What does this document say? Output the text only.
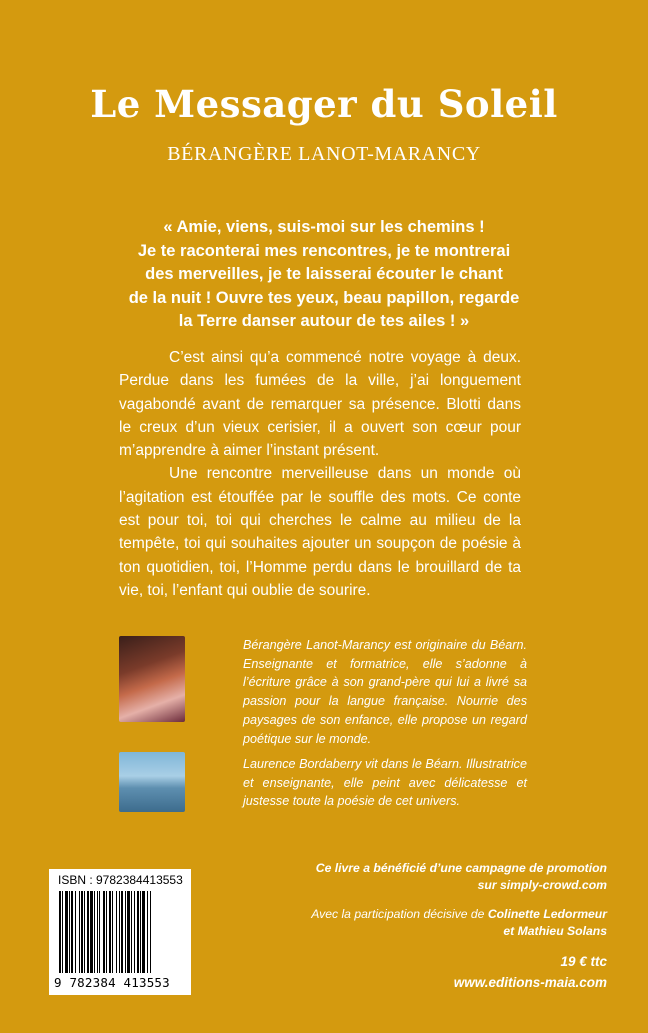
Le Messager du Soleil
BÉRANGÈRE LANOT-MARANCY
« Amie, viens, suis-moi sur les chemins !
Je te raconterai mes rencontres, je te montrerai
des merveilles, je te laisserai écouter le chant
de la nuit ! Ouvre tes yeux, beau papillon, regarde
la Terre danser autour de tes ailes ! »

C’est ainsi qu’a commencé notre voyage à deux. Perdue dans les fumées de la ville, j’ai longuement vagabondé avant de remarquer sa présence. Blotti dans le creux d’un vieux cerisier, il a ouvert son cœur pour m’apprendre à aimer l’instant présent.

Une rencontre merveilleuse dans un monde où l’agitation est étouffée par le souffle des mots. Ce conte est pour toi, toi qui cherches le calme au milieu de la tempête, toi qui souhaites ajouter un soupçon de poésie à ton quotidien, toi, l’Homme perdu dans le brouillard de ta vie, toi, l’enfant qui oublie de sourire.

Bérangère Lanot-Marancy est originaire du Béarn. Enseignante et formatrice, elle s’adonne à l’écriture grâce à son grand-père qui lui a livré sa passion pour la langue française. Nourrie des paysages de son enfance, elle propose un regard poétique sur le monde.
Laurence Bordaberry vit dans le Béarn. Illustratrice et enseignante, elle peint avec délicatesse et justesse toute la poésie de cet univers.
ISBN : 9782384413553
9 782384 413553
Ce livre a bénéficié d’une campagne de promotion
sur simply-crowd.com
Avec la participation décisive de Colinette Ledormeur
et Mathieu Solans
19 € ttc
www.editions-maia.com
